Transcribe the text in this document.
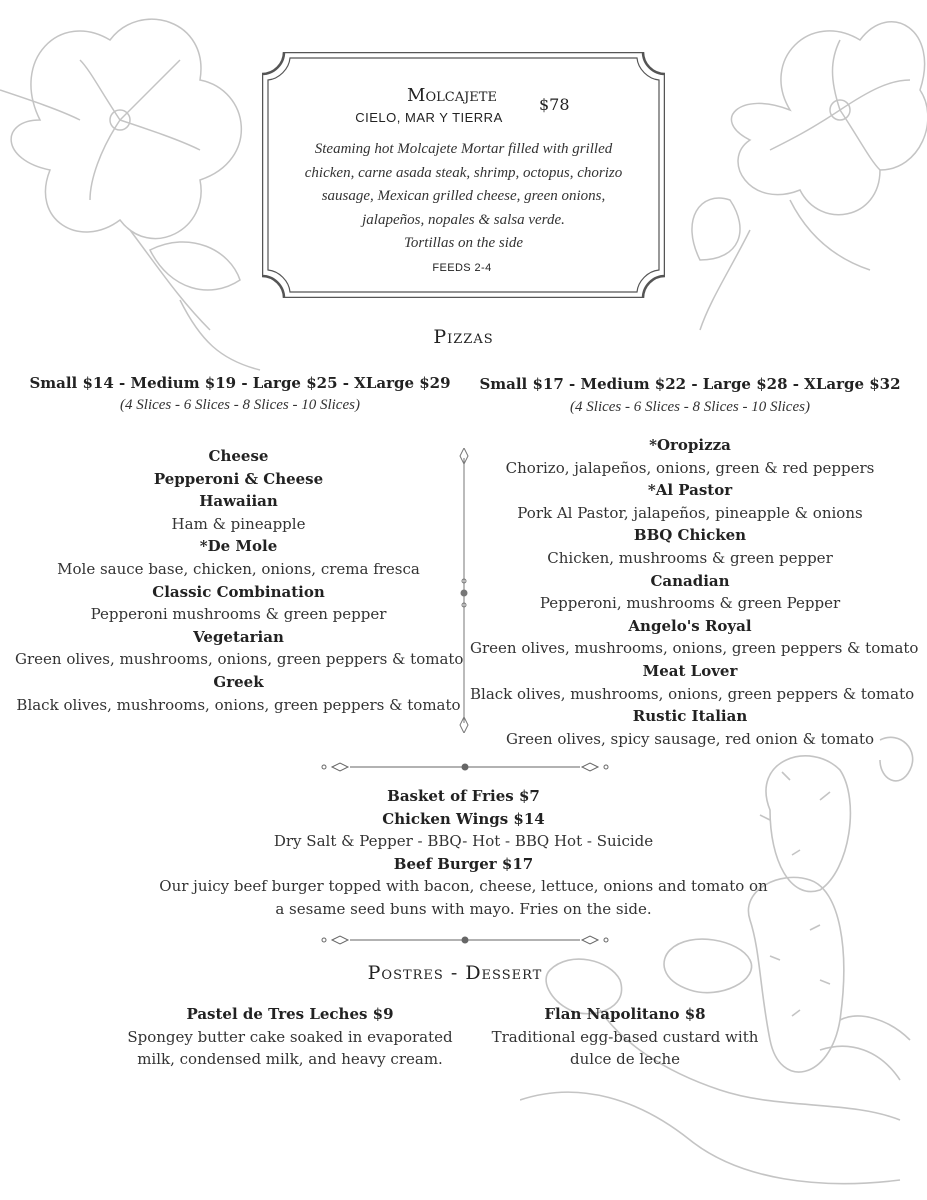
Molcajete
CIELO, MAR Y TIERRA
$78
Steaming hot Molcajete Mortar filled with grilled
chicken, carne asada steak, shrimp, octopus, chorizo
sausage, Mexican grilled cheese, green onions,
jalapeños, nopales & salsa verde.
Tortillas on the side
FEEDS 2-4
Pizzas
Small $14 - Medium $19 - Large $25 - XLarge $29
(4 Slices - 6 Slices - 8 Slices - 10 Slices)
Small $17 - Medium $22 - Large $28 - XLarge $32
(4 Slices - 6 Slices - 8 Slices - 10 Slices)
Cheese
Pepperoni & Cheese
Hawaiian
Ham & pineapple
*De Mole
Mole sauce base, chicken, onions, crema fresca
Classic Combination
Pepperoni mushrooms & green pepper
Vegetarian
Green olives, mushrooms, onions, green peppers & tomato
Greek
Black olives, mushrooms, onions, green peppers & tomato
*Oropizza
Chorizo, jalapeños, onions, green & red peppers
*Al Pastor
Pork Al Pastor, jalapeños, pineapple & onions
BBQ Chicken
Chicken, mushrooms & green pepper
Canadian
Pepperoni, mushrooms & green Pepper
Angelo's Royal
Green olives, mushrooms, onions, green peppers & tomato
Meat Lover
Black olives, mushrooms, onions, green peppers & tomato
Rustic Italian
Green olives, spicy sausage, red onion & tomato
Basket of Fries $7
Chicken Wings $14
Dry Salt & Pepper - BBQ- Hot - BBQ Hot - Suicide
Beef Burger $17
Our juicy beef burger topped with bacon, cheese, lettuce, onions and tomato on
a sesame seed buns with mayo. Fries on the side.
Postres - Dessert
Pastel de Tres Leches $9
Spongey butter cake soaked in evaporated
milk, condensed milk, and heavy cream.
Flan Napolitano $8
Traditional egg-based custard with
dulce de leche
